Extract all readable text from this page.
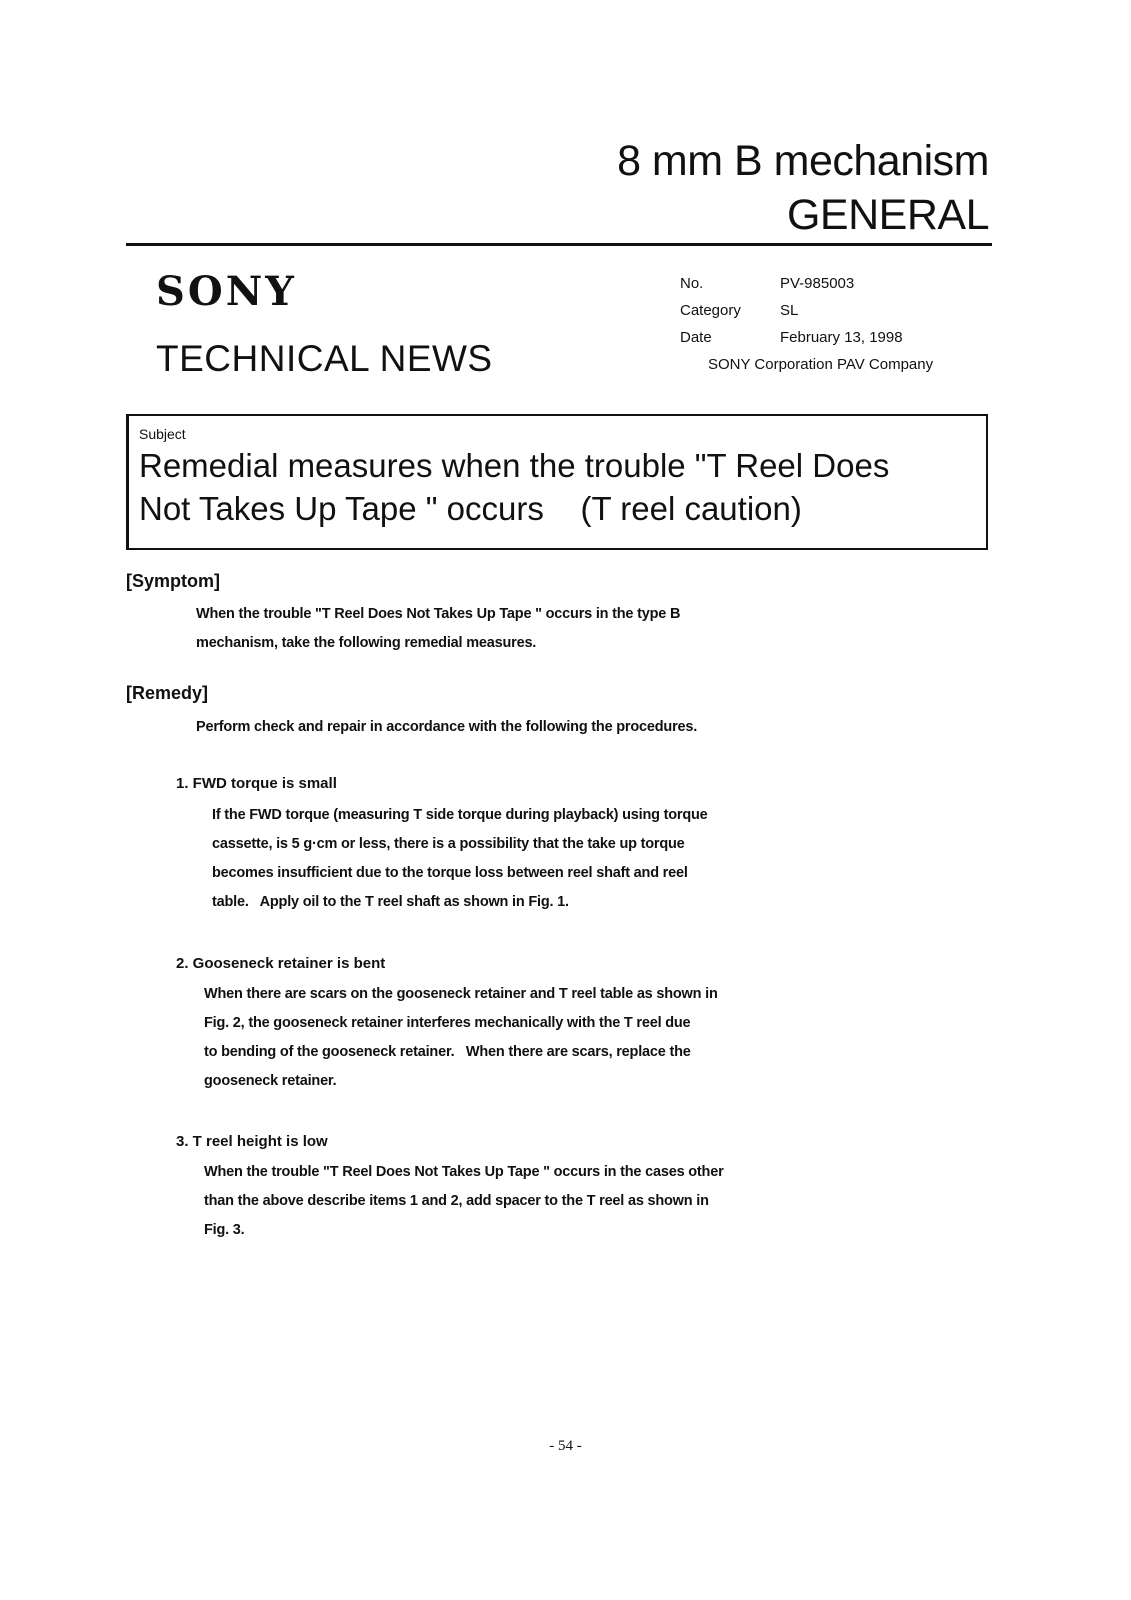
8 mm B mechanism
GENERAL
SONY
TECHNICAL NEWS
No.	PV-985003
Category	SL
Date	February 13, 1998
SONY Corporation PAV Company
Subject
Remedial measures when the trouble "T Reel Does
Not Takes Up Tape " occurs    (T reel caution)
[Symptom]
When the trouble "T Reel Does Not Takes Up Tape " occurs in the type B
mechanism, take the following remedial measures.
[Remedy]
Perform check and repair in accordance with the following the procedures.
1. FWD torque is small
If the FWD torque (measuring T side torque during playback) using torque
cassette, is 5 g·cm or less, there is a possibility that the take up torque
becomes insufficient due to the torque loss between reel shaft and reel
table.   Apply oil to the T reel shaft as shown in Fig. 1.
2. Gooseneck retainer is bent
When there are scars on the gooseneck retainer and T reel table as shown in
Fig. 2, the gooseneck retainer interferes mechanically with the T reel due
to bending of the gooseneck retainer.   When there are scars, replace the
gooseneck retainer.
3. T reel height is low
When the trouble "T Reel Does Not Takes Up Tape " occurs in the cases other
than the above describe items 1 and 2, add spacer to the T reel as shown in
Fig. 3.
- 54 -
